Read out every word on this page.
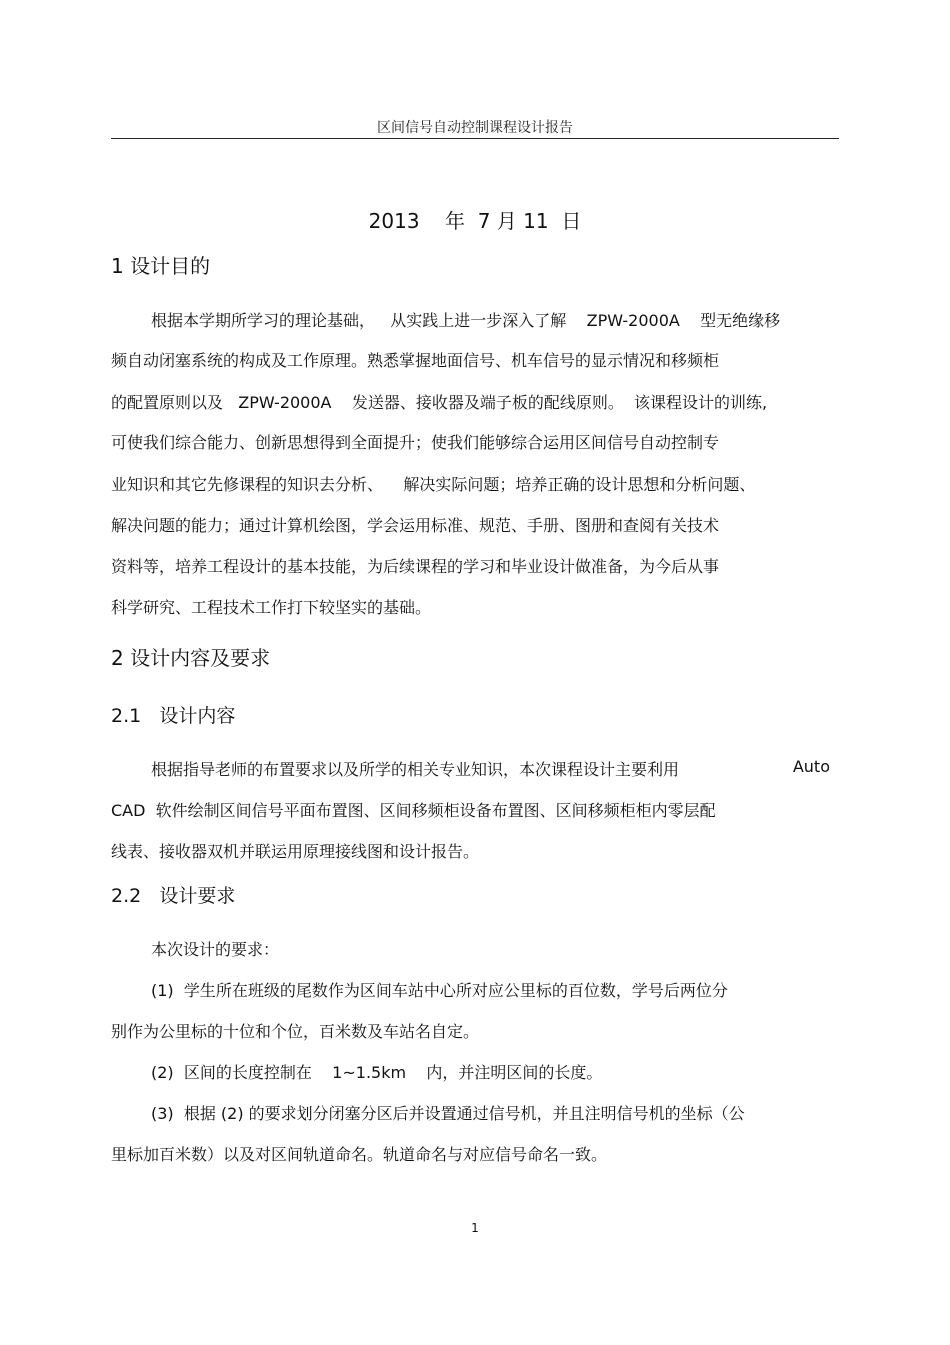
区间信号自动控制课程设计报告
2013    年  7 月 11  日
1 设计目的
根据本学期所学习的理论基础，   从实践上进一步深入了解    ZPW-2000A    型无绝缘移
频自动闭塞系统的构成及工作原理。熟悉掌握地面信号、机车信号的显示情况和移频柜
的配置原则以及   ZPW-2000A    发送器、接收器及端子板的配线原则。  该课程设计的训练,
可使我们综合能力、创新思想得到全面提升；使我们能够综合运用区间信号自动控制专
业知识和其它先修课程的知识去分析、    解决实际问题；培养正确的设计思想和分析问题、
解决问题的能力；通过计算机绘图，学会运用标准、规范、手册、图册和查阅有关技术
资料等，培养工程设计的基本技能，为后续课程的学习和毕业设计做准备，为今后从事
科学研究、工程技术工作打下较坚实的基础。
2 设计内容及要求
2.1   设计内容
根据指导老师的布置要求以及所学的相关专业知识，本次课程设计主要利用	Auto
CAD  软件绘制区间信号平面布置图、区间移频柜设备布置图、区间移频柜柜内零层配
线表、接收器双机并联运用原理接线图和设计报告。
2.2   设计要求
本次设计的要求：
(1)  学生所在班级的尾数作为区间车站中心所对应公里标的百位数，学号后两位分
别作为公里标的十位和个位，百米数及车站名自定。
(2)  区间的长度控制在    1~1.5km    内，并注明区间的长度。
(3)  根据 (2) 的要求划分闭塞分区后并设置通过信号机，并且注明信号机的坐标（公
里标加百米数）以及对区间轨道命名。轨道命名与对应信号命名一致。
1
